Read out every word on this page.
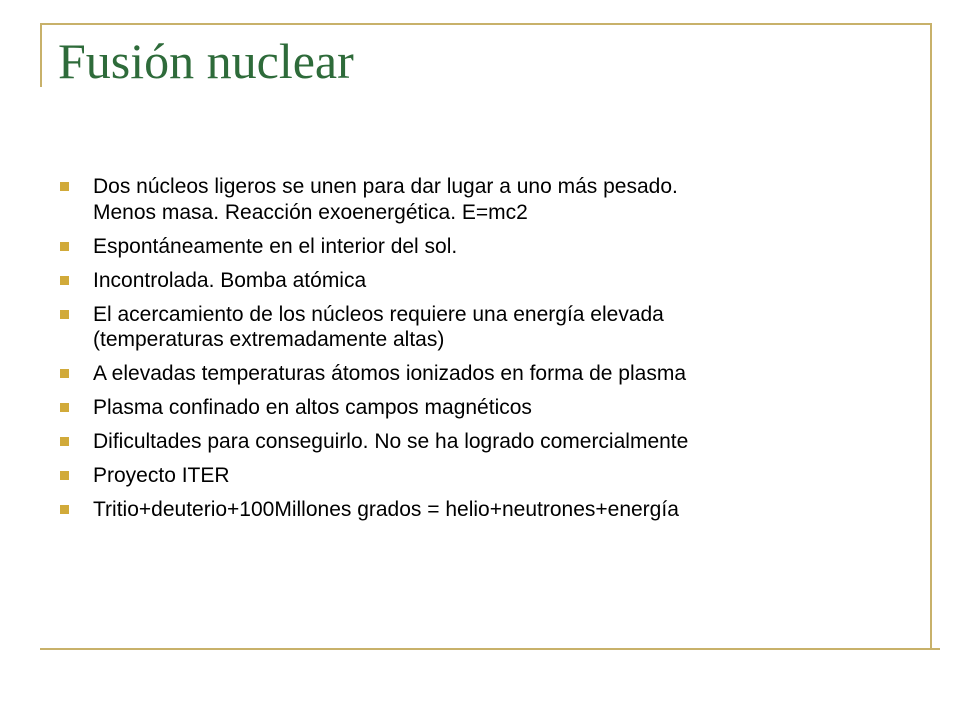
Fusión nuclear
Dos núcleos ligeros se unen para dar lugar a uno más pesado.
Menos masa. Reacción exoenergética. E=mc2
Espontáneamente en el interior del sol.
Incontrolada. Bomba atómica
El acercamiento de los núcleos requiere una energía elevada
(temperaturas extremadamente altas)
A elevadas temperaturas átomos ionizados en forma de plasma
Plasma confinado en altos campos magnéticos
Dificultades para conseguirlo. No se ha logrado comercialmente
Proyecto ITER
Tritio+deuterio+100Millones grados = helio+neutrones+energía
